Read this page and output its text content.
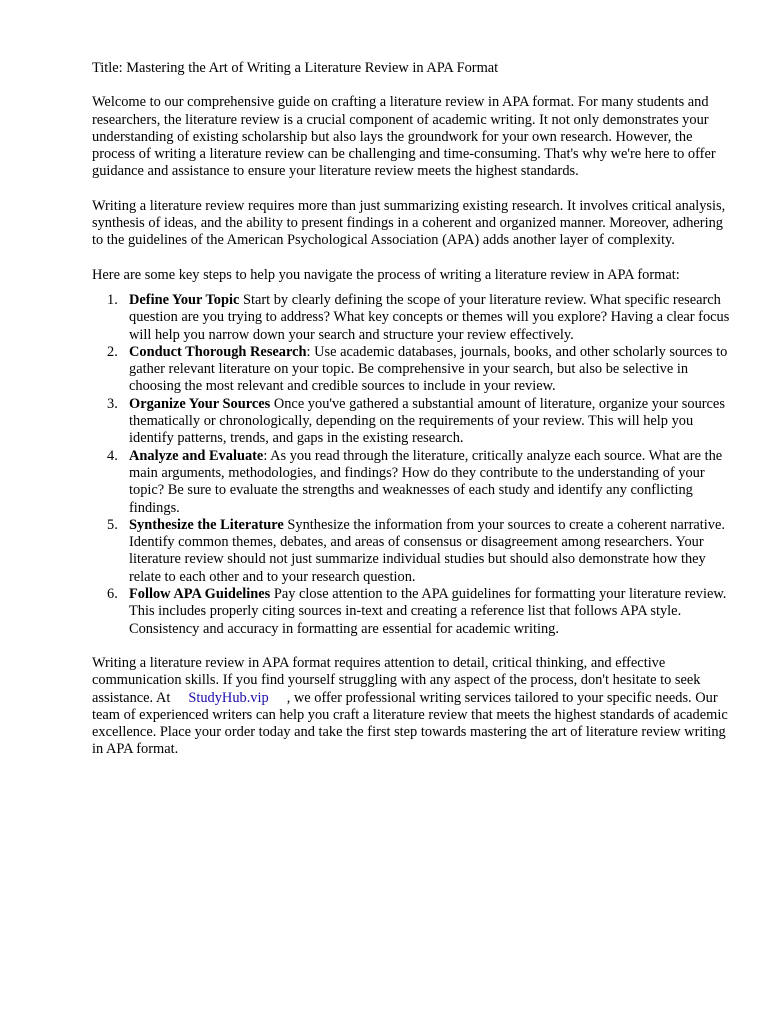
Title: Mastering the Art of Writing a Literature Review in APA Format

Welcome to our comprehensive guide on crafting a literature review in APA format. For many students and researchers, the literature review is a crucial component of academic writing. It not only demonstrates your understanding of existing scholarship but also lays the groundwork for your own research. However, the process of writing a literature review can be challenging and time-consuming. That's why we're here to offer guidance and assistance to ensure your literature review meets the highest standards.

Writing a literature review requires more than just summarizing existing research. It involves critical analysis, synthesis of ideas, and the ability to present findings in a coherent and organized manner. Moreover, adhering to the guidelines of the American Psychological Association (APA) adds another layer of complexity.

Here are some key steps to help you navigate the process of writing a literature review in APA format:

1. Define Your Topic Start by clearly defining the scope of your literature review. What specific research question are you trying to address? What key concepts or themes will you explore? Having a clear focus will help you narrow down your search and structure your review effectively.
2. Conduct Thorough Research: Use academic databases, journals, books, and other scholarly sources to gather relevant literature on your topic. Be comprehensive in your search, but also be selective in choosing the most relevant and credible sources to include in your review.
3. Organize Your Sources Once you've gathered a substantial amount of literature, organize your sources thematically or chronologically, depending on the requirements of your review. This will help you identify patterns, trends, and gaps in the existing research.
4. Analyze and Evaluate: As you read through the literature, critically analyze each source. What are the main arguments, methodologies, and findings? How do they contribute to the understanding of your topic? Be sure to evaluate the strengths and weaknesses of each study and identify any conflicting findings.
5. Synthesize the Literature Synthesize the information from your sources to create a coherent narrative. Identify common themes, debates, and areas of consensus or disagreement among researchers. Your literature review should not just summarize individual studies but should also demonstrate how they relate to each other and to your research question.
6. Follow APA Guidelines Pay close attention to the APA guidelines for formatting your literature review. This includes properly citing sources in-text and creating a reference list that follows APA style. Consistency and accuracy in formatting are essential for academic writing.

Writing a literature review in APA format requires attention to detail, critical thinking, and effective communication skills. If you find yourself struggling with any aspect of the process, don't hesitate to seek assistance. At StudyHub.vip , we offer professional writing services tailored to your specific needs. Our team of experienced writers can help you craft a literature review that meets the highest standards of academic excellence. Place your order today and take the first step towards mastering the art of literature review writing in APA format.
